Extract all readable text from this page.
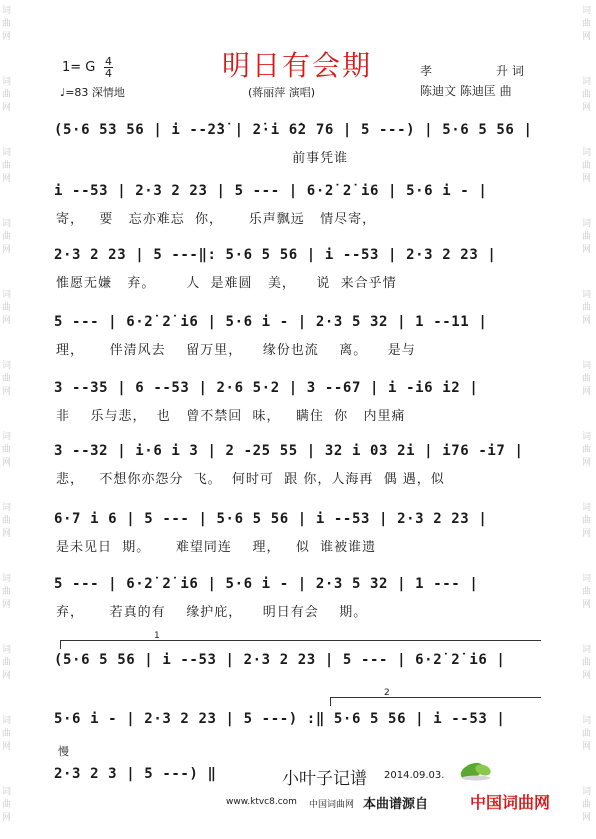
词
曲
网
词
曲
网
词
曲
网
词
曲
网
词
曲
网
词
曲
网
词
曲
网
词
曲
网
词
曲
网
词
曲
网
词
曲
网
词
曲
网
词
曲
网
词
曲
网
词
曲
网
词
曲
网
词
曲
网
词
曲
网
词
曲
网
词
曲
网
词
曲
网
词
曲
网
词
曲
网
词
曲
网
明日有会期
(蒋丽萍 演唱)
1= G 4
4
♩=83 深情地
孝	升 词
陈迪文 陈迪匡 曲
(5·6 53 56 | i --2̇3̇ | 2̇·i 6̇2 76 | 5 ---) | 5·6 5 56 |
前事凭谁
i --53 | 2·3 2 23 | 5 --- | 6·2̇ 2̇ i6 | 5·6 i - |
寄，   要   忘亦难忘  你，     乐声飘远   情尽寄，
2·3 2 23 | 5 ---‖: 5·6 5 56 | i --53 | 2·3 2 23 |
惟愿无嫌   弃。      人  是难圆   美，    说  来合乎情
5 --- | 6·2̇ 2̇ i6 | 5·6 i - | 2·3 5 32 | 1 --11 |
理，     伴清风去    留万里，    缘份也流    离。    是与
3 --35 | 6 --53 | 2·6 5·2 | 3 --67 | i -i6 i2 |
非    乐与悲，  也   曾不禁回  味，   瞒住  你   内里痛
3 --32 | i·6 i 3 | 2 -25 55 | 32 i 03 2i | i76 -i7 |
悲，   不想你亦怨分  飞。  何时可  跟 你，人海再  偶 遇，似
6·7 i 6 | 5 --- | 5·6 5 56 | i --53 | 2·3 2 23 |
是未见日  期。     难望同连    理，   似  谁被谁遗
5 --- | 6·2̇ 2̇ i6 | 5·6 i - | 2·3 5 32 | 1 --- |
弃，     若真的有    缘护庇，    明日有会    期。
(5·6 5 56 | i --53 | 2·3 2 23 | 5 --- | 6·2̇ 2̇ i6 |
5·6 i - | 2·3 2 23 | 5 ---) :‖ 5·6 5 56 | i --53 |
2·3 2 3 | 5 ---) ‖
1
2
慢
小叶子记谱 2014.09.03.
www.ktvc8.com 中国词曲网 本曲谱源自	中国词曲网
